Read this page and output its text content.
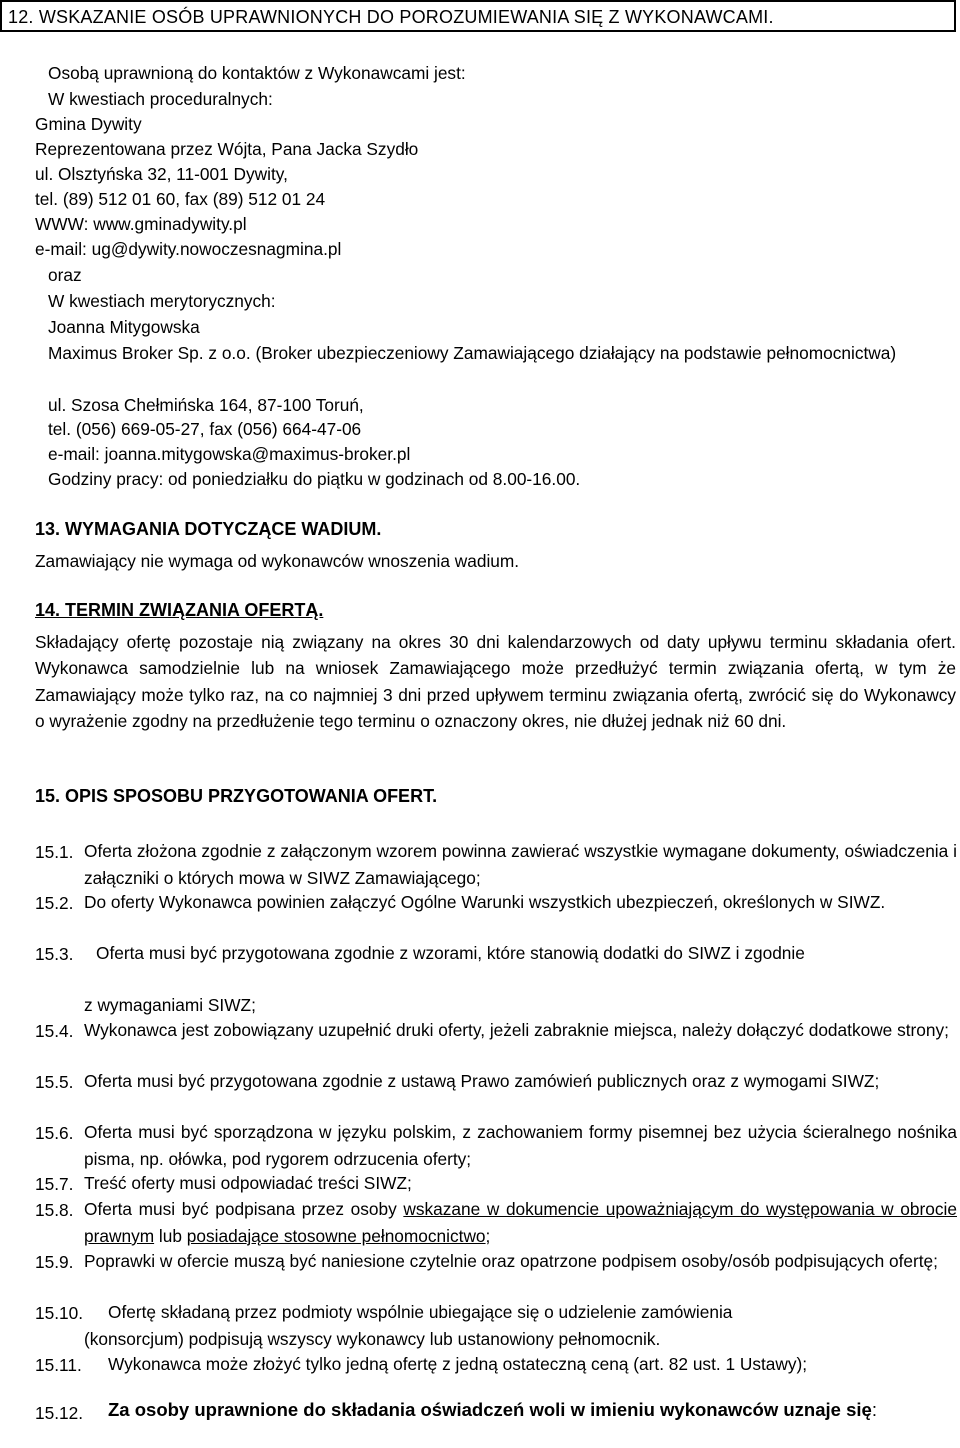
12. WSKAZANIE OSÓB UPRAWNIONYCH DO POROZUMIEWANIA SIĘ Z WYKONAWCAMI.
Osobą uprawnioną do kontaktów z Wykonawcami jest:
W kwestiach proceduralnych:
Gmina Dywity
Reprezentowana przez Wójta, Pana Jacka Szydło
ul. Olsztyńska 32, 11-001 Dywity,
tel. (89) 512 01 60, fax (89) 512 01 24
WWW: www.gminadywity.pl
e-mail: ug@dywity.nowoczesnagmina.pl
oraz
W kwestiach merytorycznych:
Joanna Mitygowska

Maximus Broker Sp. z o.o. (Broker ubezpieczeniowy Zamawiającego działający na podstawie pełnomocnictwa)

ul. Szosa Chełmińska 164, 87-100 Toruń,
tel. (056) 669-05-27, fax (056) 664-47-06
e-mail: joanna.mitygowska@maximus-broker.pl
Godziny pracy: od poniedziałku do piątku w godzinach od 8.00-16.00.
13. WYMAGANIA DOTYCZĄCE WADIUM.
Zamawiający nie wymaga od wykonawców wnoszenia wadium.
14. TERMIN ZWIĄZANIA OFERTĄ.

Składający ofertę pozostaje nią związany na okres 30 dni kalendarzowych od daty upływu terminu składania ofert. Wykonawca samodzielnie lub na wniosek Zamawiającego może przedłużyć termin związania ofertą, w tym że Zamawiający może tylko raz, na co najmniej 3 dni przed upływem terminu związania ofertą, zwrócić się do Wykonawcy o wyrażenie zgodny na przedłużenie tego terminu o oznaczony okres, nie dłużej jednak niż 60 dni.

15. OPIS SPOSOBU PRZYGOTOWANIA OFERT.
15.1. Oferta złożona zgodnie z załączonym wzorem powinna zawierać wszystkie wymagane dokumenty, oświadczenia i załączniki o których mowa w SIWZ Zamawiającego;

15.2. Do oferty Wykonawca powinien załączyć Ogólne Warunki wszystkich ubezpieczeń, określonych w SIWZ.

15.3. Oferta musi być przygotowana zgodnie z wzorami, które stanowią dodatki do SIWZ i zgodnie

z wymaganiami SIWZ;
15.4. Wykonawca jest zobowiązany uzupełnić druki oferty, jeżeli zabraknie miejsca, należy dołączyć dodatkowe strony;

15.5. Oferta musi być przygotowana zgodnie z ustawą Prawo zamówień publicznych oraz z wymogami SIWZ;

15.6. Oferta musi być sporządzona w języku polskim, z zachowaniem formy pisemnej bez użycia ścieralnego nośnika pisma, np. ołówka, pod rygorem odrzucenia oferty;

15.7. Treść oferty musi odpowiadać treści SIWZ;

15.8. Oferta musi być podpisana przez osoby wskazane w dokumencie upoważniającym do występowania w obrocie prawnym lub posiadające stosowne pełnomocnictwo;

15.9. Poprawki w ofercie muszą być naniesione czytelnie oraz opatrzone podpisem osoby/osób podpisujących ofertę;

15.10. Ofertę składaną przez podmioty wspólnie ubiegające się o udzielenie zamówienia

(konsorcjum) podpisują wszyscy wykonawcy lub ustanowiony pełnomocnik.
15.11. Wykonawca może złożyć tylko jedną ofertę z jedną ostateczną ceną (art. 82 ust. 1 Ustawy);

15.12. Za osoby uprawnione do składania oświadczeń woli w imieniu wykonawców uznaje się:
